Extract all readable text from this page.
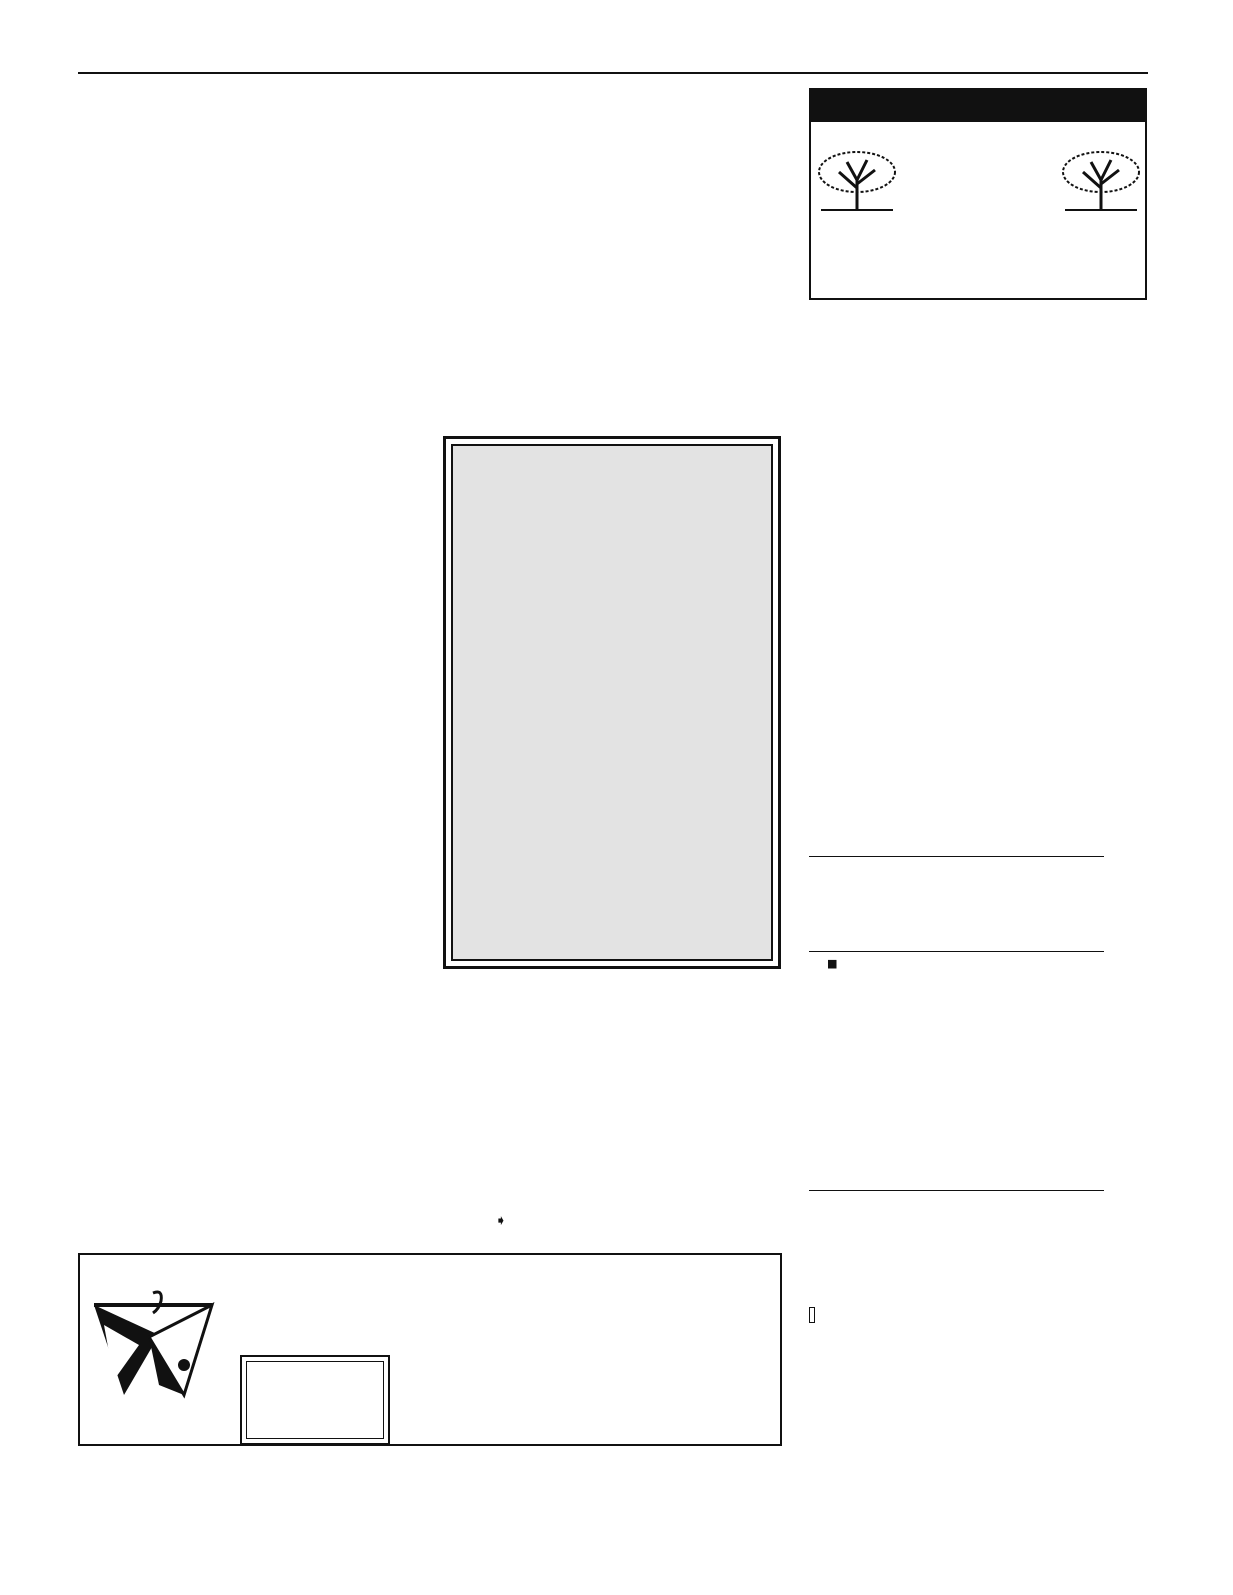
➧
